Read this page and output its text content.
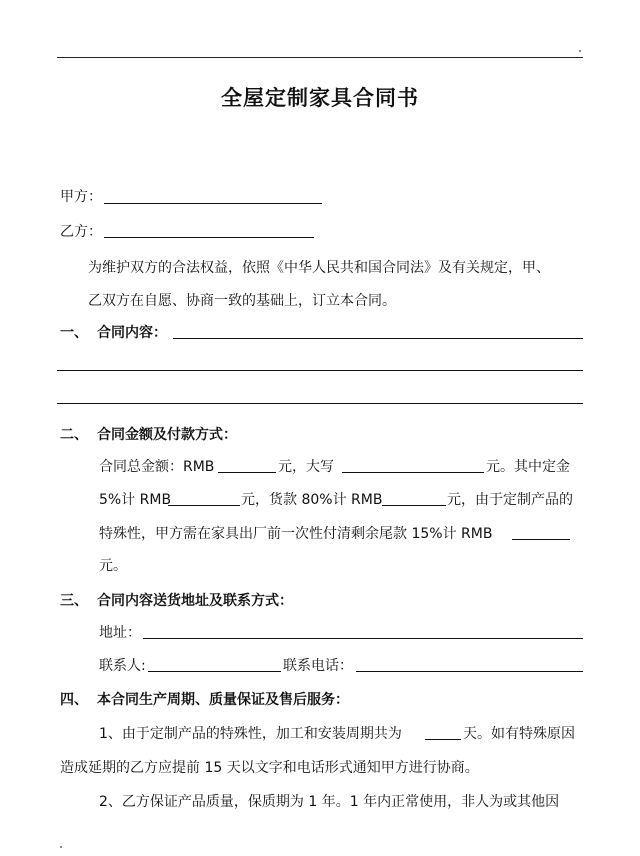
全屋定制家具合同书
甲方：
乙方：
为维护双方的合法权益，依照《中华人民共和国合同法》及有关规定，甲、
乙双方在自愿、协商一致的基础上，订立本合同。
一、 合同内容：
二、 合同金额及付款方式：
合同总金额：RMB	元，大写	元。其中定金
5%计 RMB	元，货款 80%计 RMB	元，由于定制产品的
特殊性，甲方需在家具出厂前一次性付清剩余尾款 15%计 RMB
元。
三、 合同内容送货地址及联系方式：
地址：
联系人:	联系电话：
四、 本合同生产周期、质量保证及售后服务：
1、由于定制产品的特殊性，加工和安装周期共为	天。如有特殊原因
造成延期的乙方应提前 15 天以文字和电话形式通知甲方进行协商。
2、乙方保证产品质量，保质期为 1 年。1 年内正常使用，非人为或其他因
